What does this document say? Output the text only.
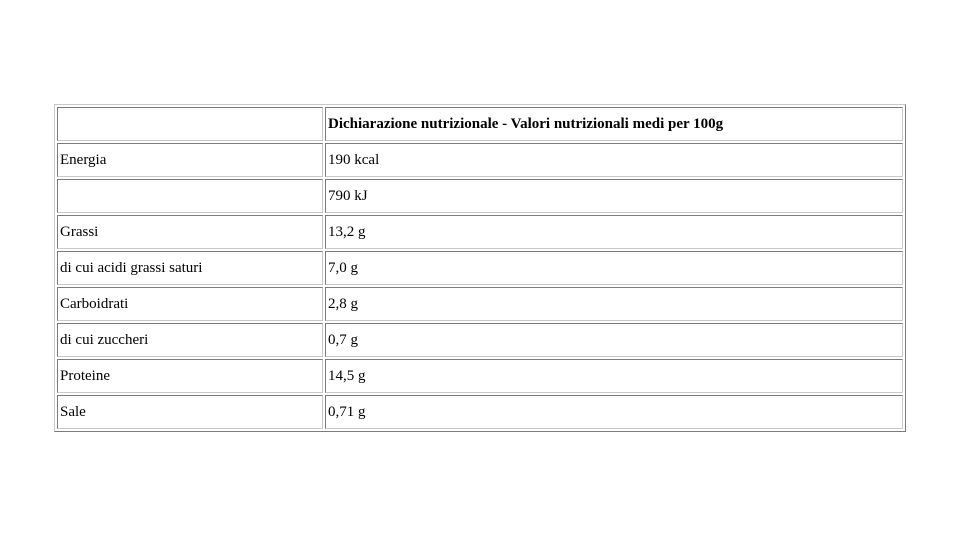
	Dichiarazione nutrizionale - Valori nutrizionali medi per 100g
Energia	190 kcal
	790 kJ
Grassi	13,2 g
di cui acidi grassi saturi	7,0 g
Carboidrati	2,8 g
di cui zuccheri	0,7 g
Proteine	14,5 g
Sale	0,71 g
